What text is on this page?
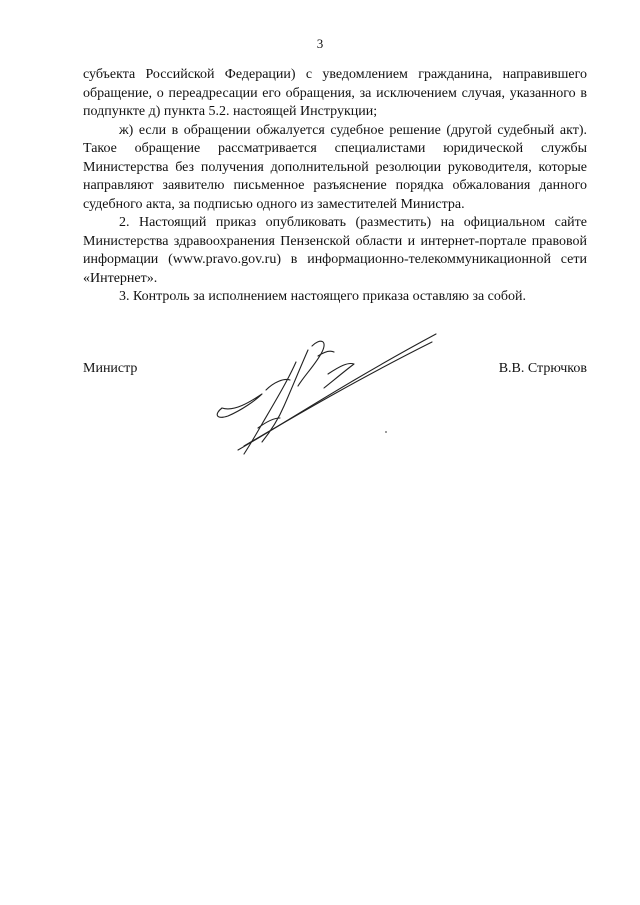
3

субъекта Российской Федерации) с уведомлением гражданина, направившего обращение, о переадресации его обращения, за исключением случая, указанного в подпункте д) пункта 5.2. настоящей Инструкции;

ж) если в обращении обжалуется судебное решение (другой судебный акт). Такое обращение рассматривается специалистами юридической службы Министерства без получения дополнительной резолюции руководителя, которые направляют заявителю письменное разъяснение порядка обжалования данного судебного акта, за подписью одного из заместителей Министра.

2. Настоящий приказ опубликовать (разместить) на официальном сайте Министерства здравоохранения Пензенской области и интернет-портале правовой информации (www.pravo.gov.ru) в информационно-телекоммуникационной сети «Интернет».

3. Контроль за исполнением настоящего приказа оставляю за собой.

Министр	В.В. Стрючков
